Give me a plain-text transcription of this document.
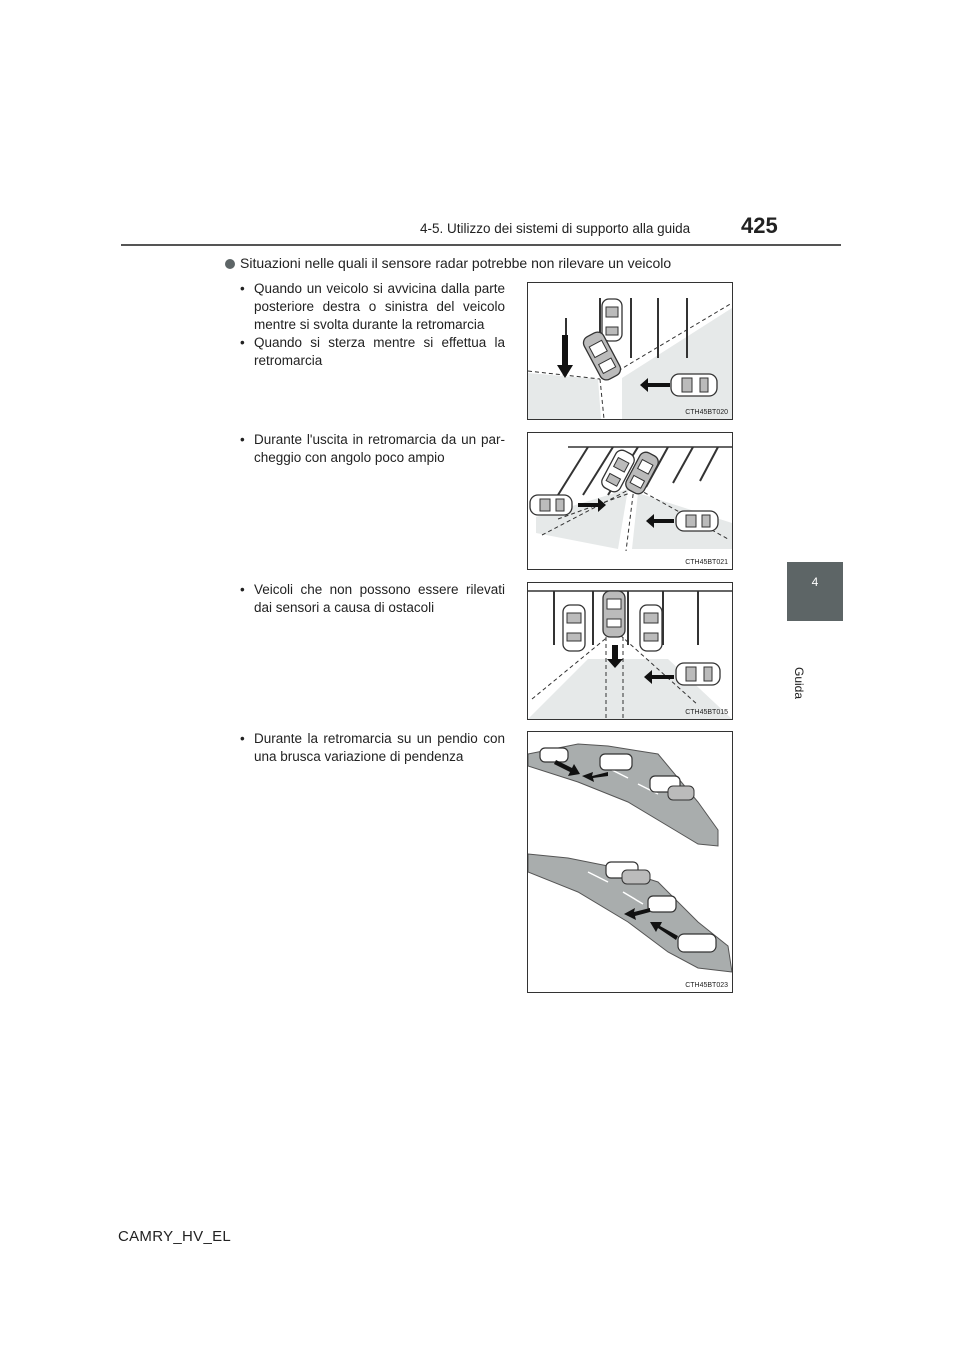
4-5. Utilizzo dei sistemi di supporto alla guida 425
4
Guida
Situazioni nelle quali il sensore radar potrebbe non rilevare un veicolo
• Quando un veicolo si avvicina dalla parte posteriore destra o sinistra del veicolo mentre si svolta durante la retromarcia
• Quando si sterza mentre si effettua la retromarcia
CTH45BT020
• Durante l'uscita in retromarcia da un par-cheggio con angolo poco ampio
CTH45BT021
• Veicoli che non possono essere rilevati dai sensori a causa di ostacoli
CTH45BT015
• Durante la retromarcia su un pendio con una brusca variazione di pendenza
CTH45BT023
CAMRY_HV_EL
